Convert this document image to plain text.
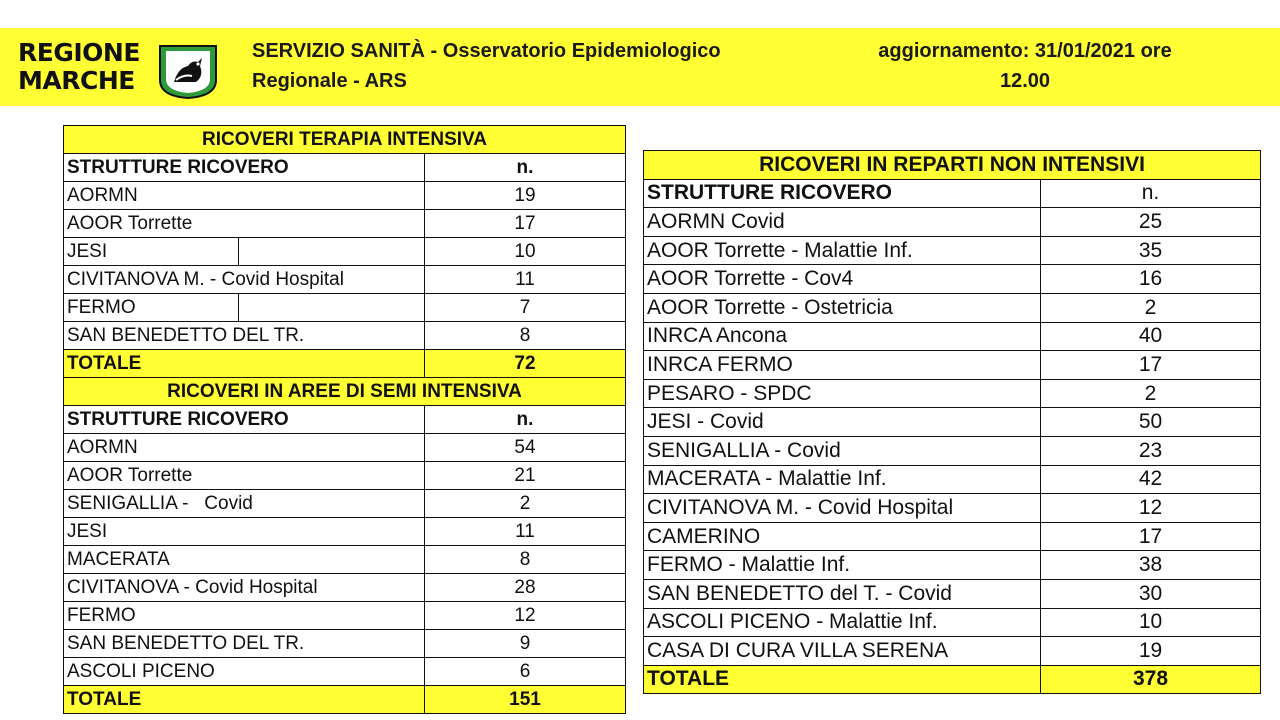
REGIONE
MARCHE
SERVIZIO SANITÀ - Osservatorio Epidemiologico
Regionale - ARS
aggiornamento: 31/01/2021 ore
12.00
RICOVERI TERAPIA INTENSIVA		
STRUTTURE RICOVERO		n.
AORMN		19
AOOR Torrette		17
JESI		10
CIVITANOVA M. - Covid Hospital		11
FERMO		7
SAN BENEDETTO DEL TR.		8
TOTALE		72
RICOVERI IN AREE DI SEMI INTENSIVA		
STRUTTURE RICOVERO		n.
AORMN		54
AOOR Torrette		21
SENIGALLIA -   Covid		2
JESI		11
MACERATA		8
CIVITANOVA - Covid Hospital		28
FERMO		12
SAN BENEDETTO DEL TR.		9
ASCOLI PICENO		6
TOTALE		151
RICOVERI IN REPARTI NON INTENSIVI	
STRUTTURE RICOVERO	n.
AORMN Covid	25
AOOR Torrette - Malattie Inf.	35
AOOR Torrette - Cov4	16
AOOR Torrette - Ostetricia	2
INRCA Ancona	40
INRCA FERMO	17
PESARO - SPDC	2
JESI - Covid	50
SENIGALLIA - Covid	23
MACERATA - Malattie Inf.	42
CIVITANOVA M. - Covid Hospital	12
CAMERINO	17
FERMO - Malattie Inf.	38
SAN BENEDETTO del T. - Covid	30
ASCOLI PICENO - Malattie Inf.	10
CASA DI CURA VILLA SERENA	19
TOTALE	378
